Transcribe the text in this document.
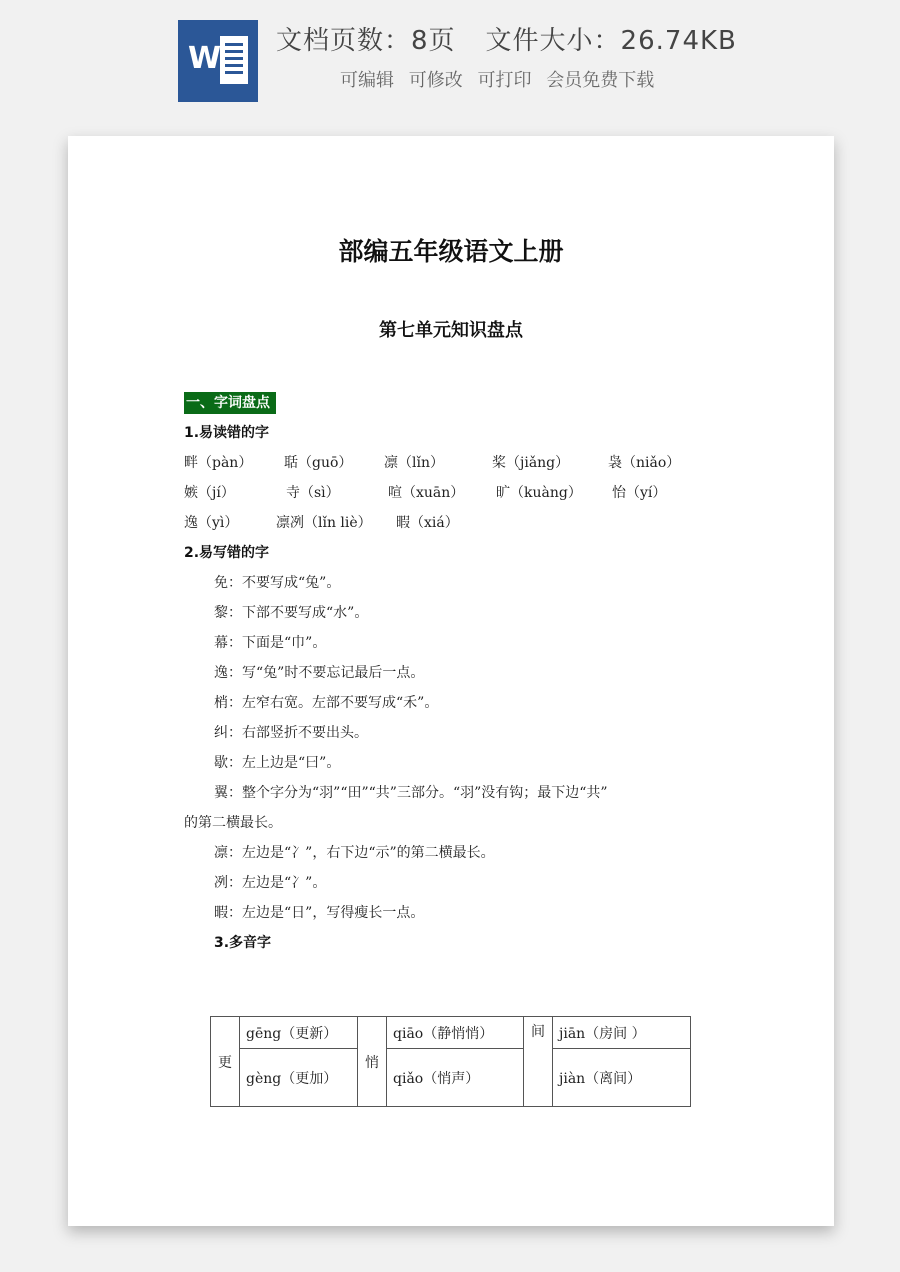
W 文档页数：8页 文件大小：26.74KB
可编辑 可修改 可打印 会员免费下载
部编五年级语文上册
第七单元知识盘点
一、字词盘点
1.易读错的字
畔（pàn） 聒（guō） 凛（lǐn）	桨（jiǎng）	袅（niǎo）
嫉（jí）	寺（sì）	喧（xuān） 旷（kuàng） 怡（yí）
逸（yì）	凛冽（lǐn liè） 暇（xiá）
2.易写错的字
免：不要写成“兔”。
黎：下部不要写成“水”。
幕：下面是“巾”。
逸：写“兔”时不要忘记最后一点。
梢：左窄右宽。左部不要写成“禾”。
纠：右部竖折不要出头。
歇：左上边是“曰”。
翼：整个字分为“羽”“田”“共”三部分。“羽”没有钩；最下边“共”
的第二横最长。
凛：左边是“冫”，右下边“示”的第二横最长。
冽：左边是“冫”。
暇：左边是“日”，写得瘦长一点。
3.多音字
更	gēng（更新）	悄	qiāo（静悄悄）	间	jiān（房间 ）
	gèng（更加）		qiǎo（悄声）		jiàn（离间）
